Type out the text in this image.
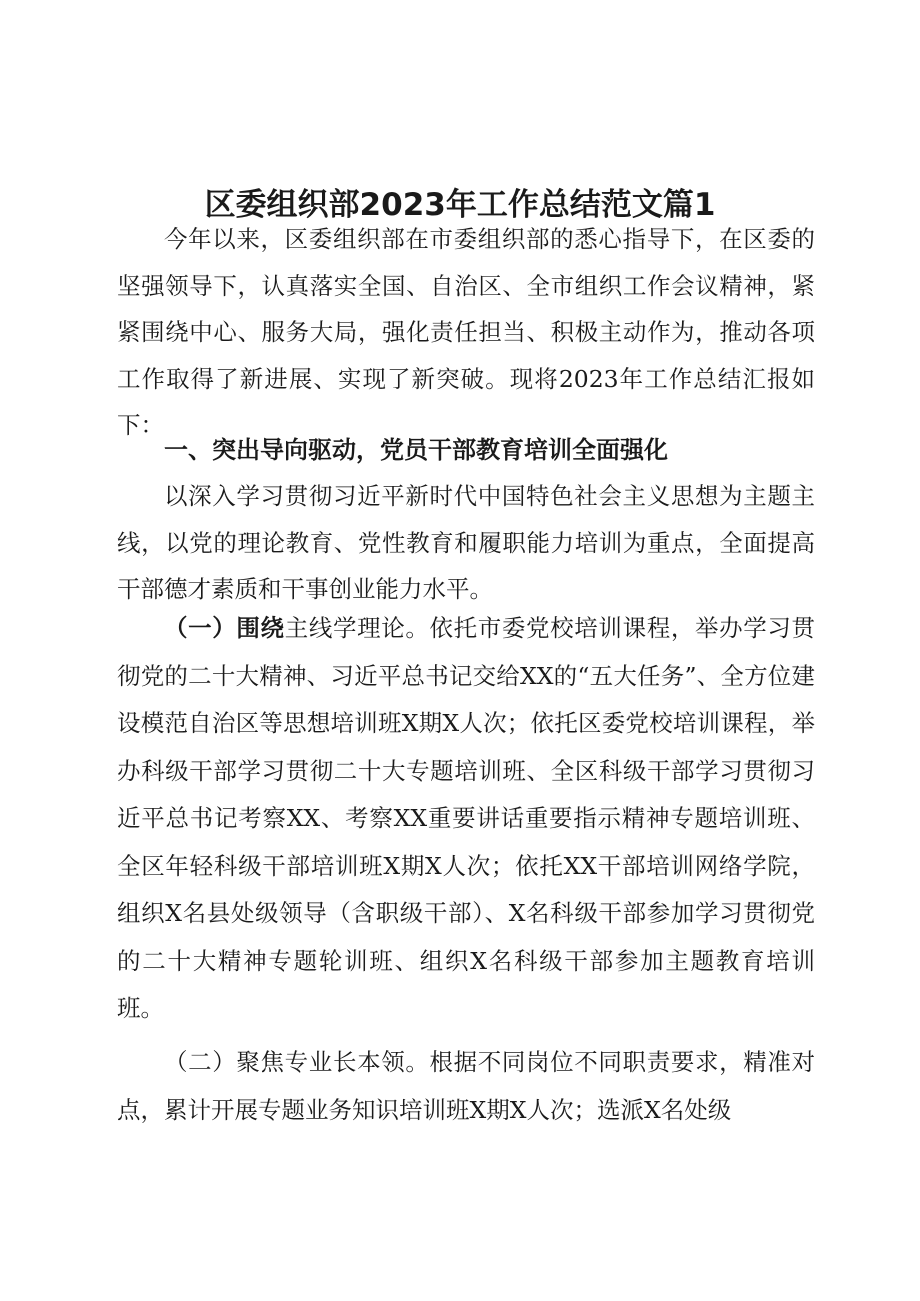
区委组织部2023年工作总结范文篇1

今年以来，区委组织部在市委组织部的悉心指导下，在区委的坚强领导下，认真落实全国、自治区、全市组织工作会议精神，紧紧围绕中心、服务大局，强化责任担当、积极主动作为，推动各项工作取得了新进展、实现了新突破。现将2023年工作总结汇报如下：

一、突出导向驱动，党员干部教育培训全面强化

以深入学习贯彻习近平新时代中国特色社会主义思想为主题主线，以党的理论教育、党性教育和履职能力培训为重点，全面提高干部德才素质和干事创业能力水平。

（一）围绕主线学理论。依托市委党校培训课程，举办学习贯彻党的二十大精神、习近平总书记交给XX的“五大任务”、全方位建设模范自治区等思想培训班X期X人次；依托区委党校培训课程，举办科级干部学习贯彻二十大专题培训班、全区科级干部学习贯彻习近平总书记考察XX、考察XX重要讲话重要指示精神专题培训班、全区年轻科级干部培训班X期X人次；依托XX干部培训网络学院，组织X名县处级领导（含职级干部）、X名科级干部参加学习贯彻党的二十大精神专题轮训班、组织X名科级干部参加主题教育培训班。

（二）聚焦专业长本领。根据不同岗位不同职责要求，精准对点，累计开展专题业务知识培训班X期X人次；选派X名处级
